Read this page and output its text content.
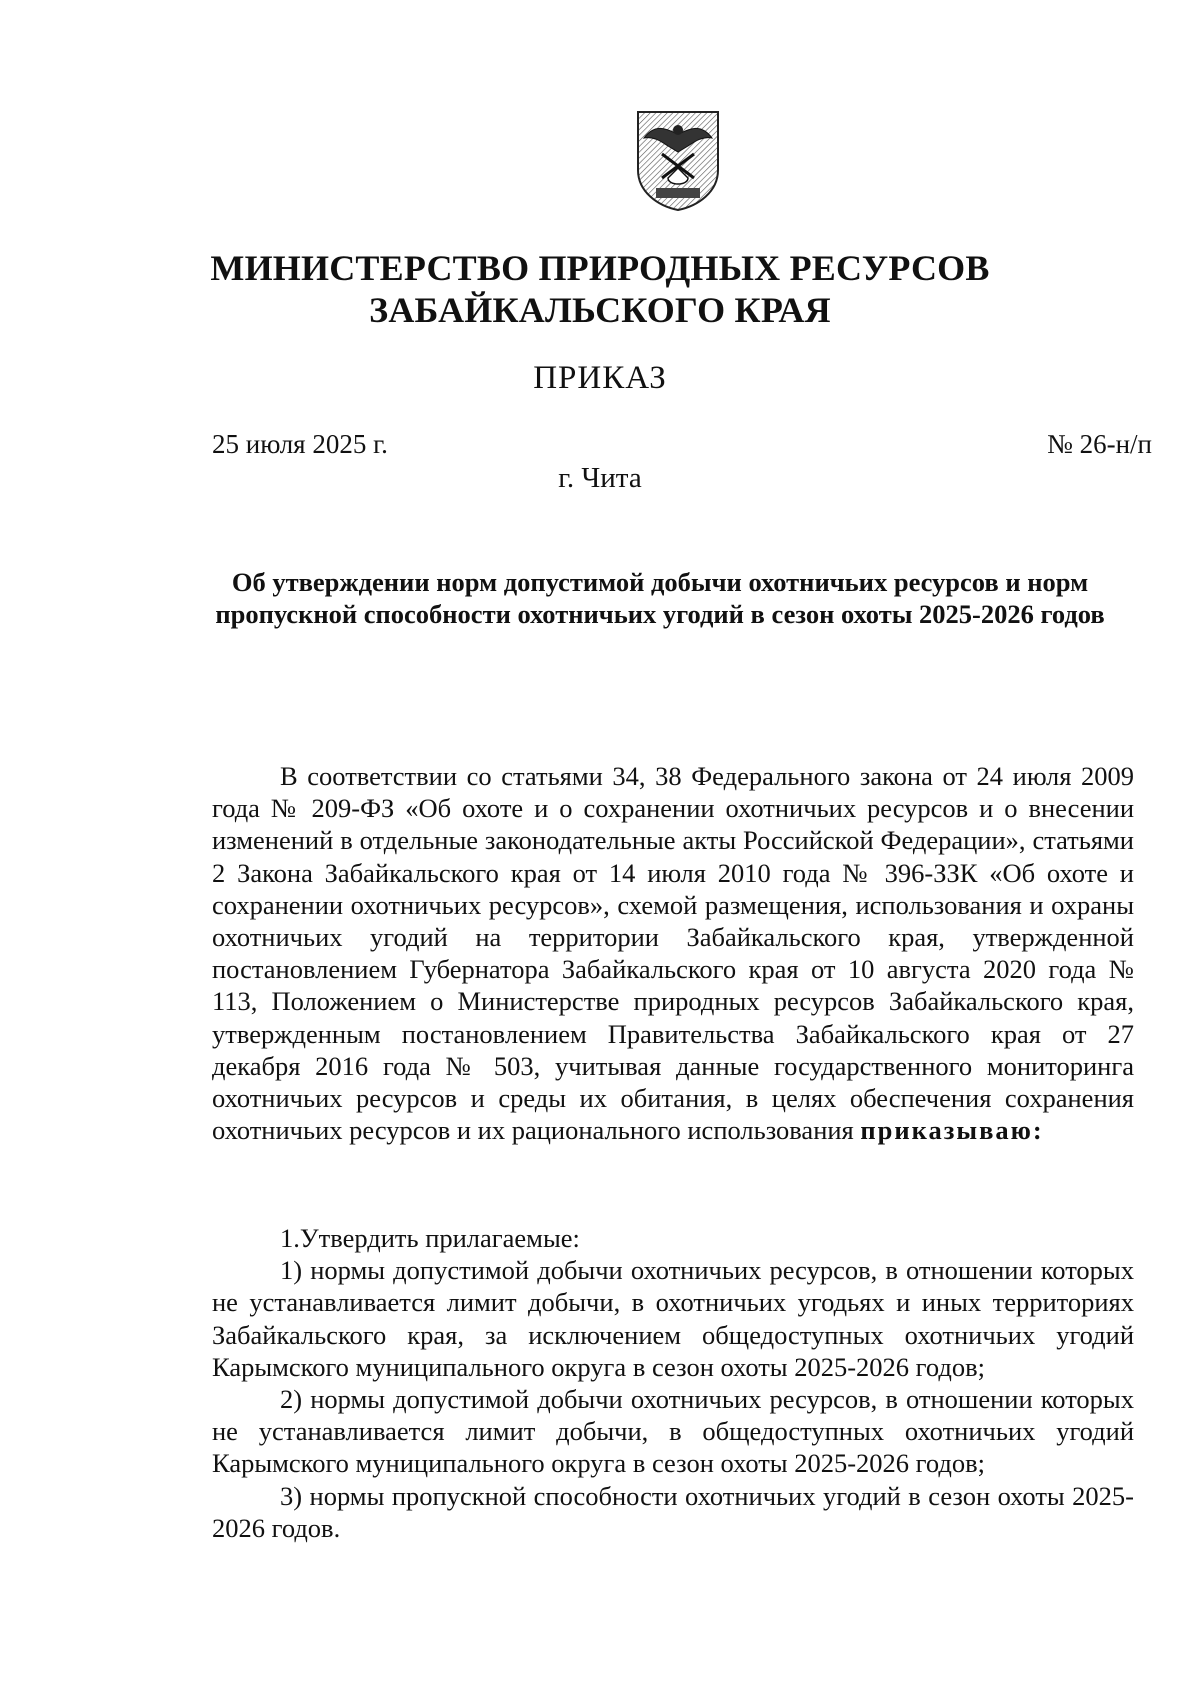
МИНИСТЕРСТВО ПРИРОДНЫХ РЕСУРСОВ
ЗАБАЙКАЛЬСКОГО КРАЯ
ПРИКАЗ
25 июля 2025 г.	№ 26-н/п
г. Чита
Об утверждении норм допустимой добычи охотничьих ресурсов и норм пропускной способности охотничьих угодий в сезон охоты 2025-2026 годов

В соответствии со статьями 34, 38 Федерального закона от 24 июля 2009 года № 209-ФЗ «Об охоте и о сохранении охотничьих ресурсов и о внесении изменений в отдельные законодательные акты Российской Федерации», статьями 2 Закона Забайкальского края от 14 июля 2010 года № 396-ЗЗК «Об охоте и сохранении охотничьих ресурсов», схемой размещения, использования и охраны охотничьих угодий на территории Забайкальского края, утвержденной постановлением Губернатора Забайкальского края от 10 августа 2020 года № 113, Положением о Министерстве природных ресурсов Забайкальского края, утвержденным постановлением Правительства Забайкальского края от 27 декабря 2016 года № 503, учитывая данные государственного мониторинга охотничьих ресурсов и среды их обитания, в целях обеспечения сохранения охотничьих ресурсов и их рационального использования приказываю:

1.Утвердить прилагаемые:

1) нормы допустимой добычи охотничьих ресурсов, в отношении которых не устанавливается лимит добычи, в охотничьих угодьях и иных территориях Забайкальского края, за исключением общедоступных охотничьих угодий Карымского муниципального округа в сезон охоты 2025-2026 годов;

2) нормы допустимой добычи охотничьих ресурсов, в отношении которых не устанавливается лимит добычи, в общедоступных охотничьих угодий Карымского муниципального округа в сезон охоты 2025-2026 годов;

3) нормы пропускной способности охотничьих угодий в сезон охоты 2025-2026 годов.
